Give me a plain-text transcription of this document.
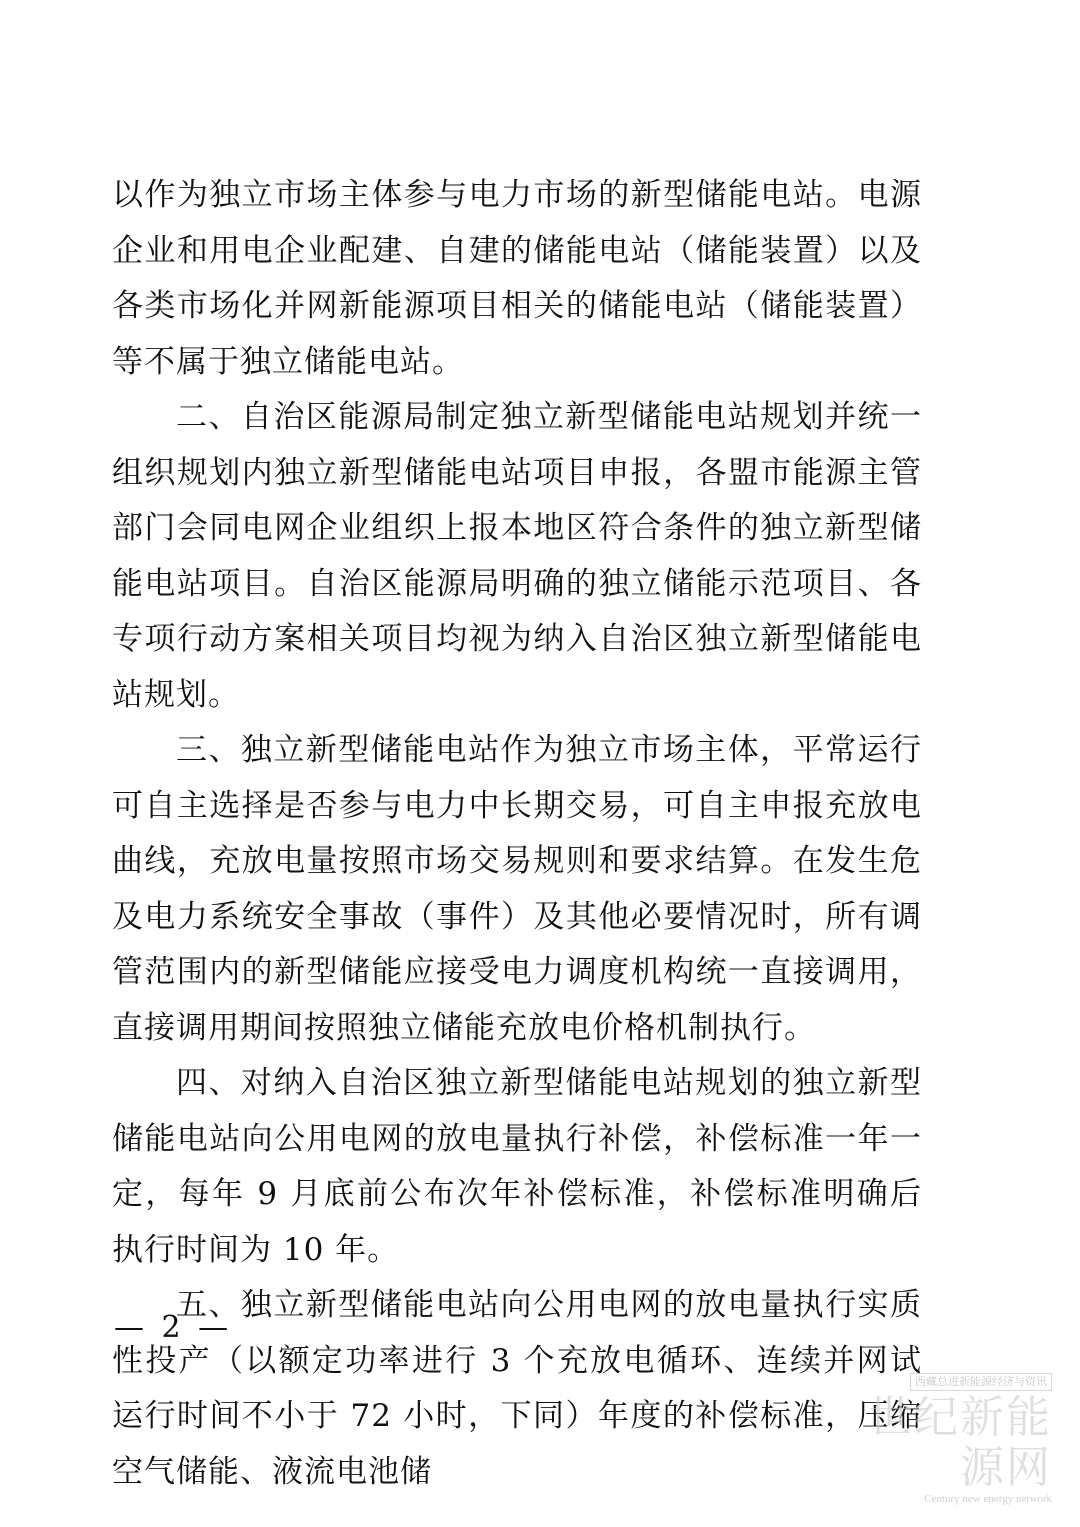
以作为独立市场主体参与电力市场的新型储能电站。电源企业和用电企业配建、自建的储能电站（储能装置）以及各类市场化并网新能源项目相关的储能电站（储能装置）等不属于独立储能电站。

二、自治区能源局制定独立新型储能电站规划并统一组织规划内独立新型储能电站项目申报，各盟市能源主管部门会同电网企业组织上报本地区符合条件的独立新型储能电站项目。自治区能源局明确的独立储能示范项目、各专项行动方案相关项目均视为纳入自治区独立新型储能电站规划。

三、独立新型储能电站作为独立市场主体，平常运行可自主选择是否参与电力中长期交易，可自主申报充放电曲线，充放电量按照市场交易规则和要求结算。在发生危及电力系统安全事故（事件）及其他必要情况时，所有调管范围内的新型储能应接受电力调度机构统一直接调用，直接调用期间按照独立储能充放电价格机制执行。

四、对纳入自治区独立新型储能电站规划的独立新型储能电站向公用电网的放电量执行补偿，补偿标准一年一定，每年 9 月底前公布次年补偿标准，补偿标准明确后执行时间为 10 年。

五、独立新型储能电站向公用电网的放电量执行实质性投产（以额定功率进行 3 个充放电循环、连续并网试运行时间不小于 72 小时，下同）年度的补偿标准，压缩空气储能、液流电池储

— 2 —
西藏总进新能源经济与资讯
世纪新能源网
Century new energy network
